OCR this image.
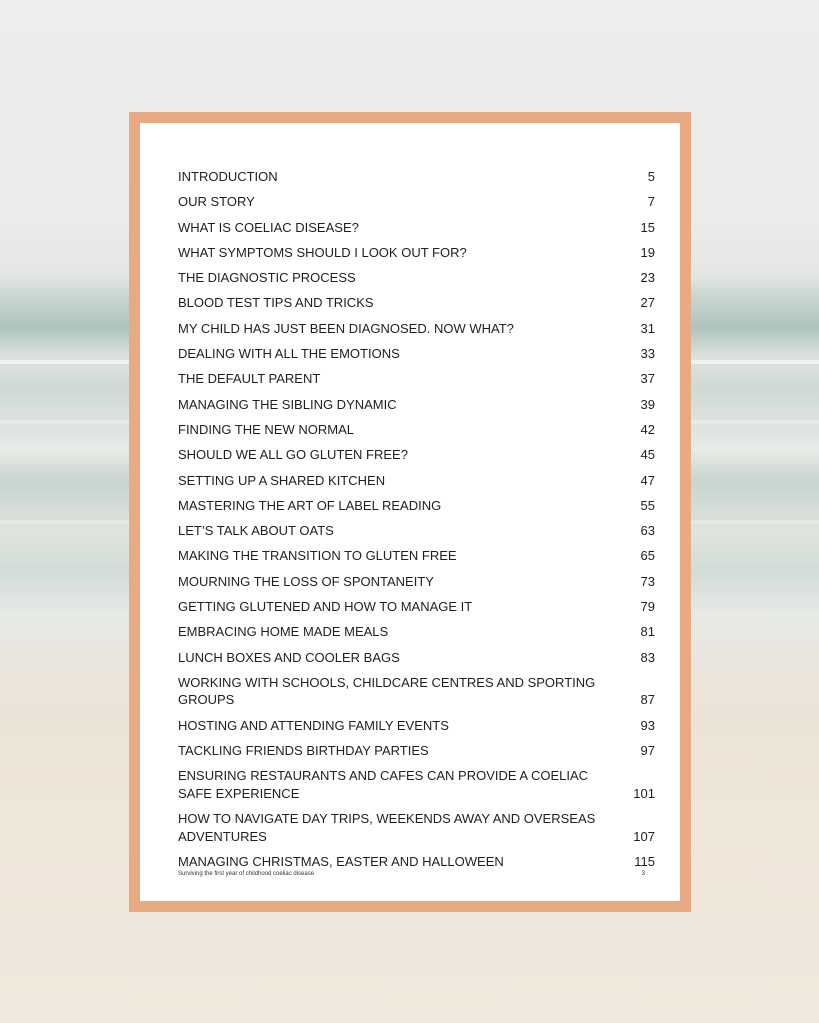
INTRODUCTION	5
OUR STORY	7
WHAT IS COELIAC DISEASE?	15
WHAT SYMPTOMS SHOULD I LOOK OUT FOR?	19
THE DIAGNOSTIC PROCESS	23
BLOOD TEST TIPS AND TRICKS	27
MY CHILD HAS JUST BEEN DIAGNOSED. NOW WHAT?	31
DEALING WITH ALL THE EMOTIONS	33
THE DEFAULT PARENT	37
MANAGING THE SIBLING DYNAMIC	39
FINDING THE NEW NORMAL	42
SHOULD WE ALL GO GLUTEN FREE?	45
SETTING UP A SHARED KITCHEN	47
MASTERING THE ART OF LABEL READING	55
LET’S TALK ABOUT OATS	63
MAKING THE TRANSITION TO GLUTEN FREE	65
MOURNING THE LOSS OF SPONTANEITY	73
GETTING GLUTENED AND HOW TO MANAGE IT	79
EMBRACING HOME MADE MEALS	81
LUNCH BOXES AND COOLER BAGS	83
WORKING WITH SCHOOLS, CHILDCARE CENTRES AND SPORTING GROUPS	87
HOSTING AND ATTENDING FAMILY EVENTS	93
TACKLING FRIENDS BIRTHDAY PARTIES	97
ENSURING RESTAURANTS AND CAFES CAN PROVIDE A COELIAC SAFE EXPERIENCE	101
HOW TO NAVIGATE DAY TRIPS, WEEKENDS AWAY AND OVERSEAS ADVENTURES	107
MANAGING CHRISTMAS, EASTER AND HALLOWEEN	115
Surviving the first year of childhood coeliac disease	3
